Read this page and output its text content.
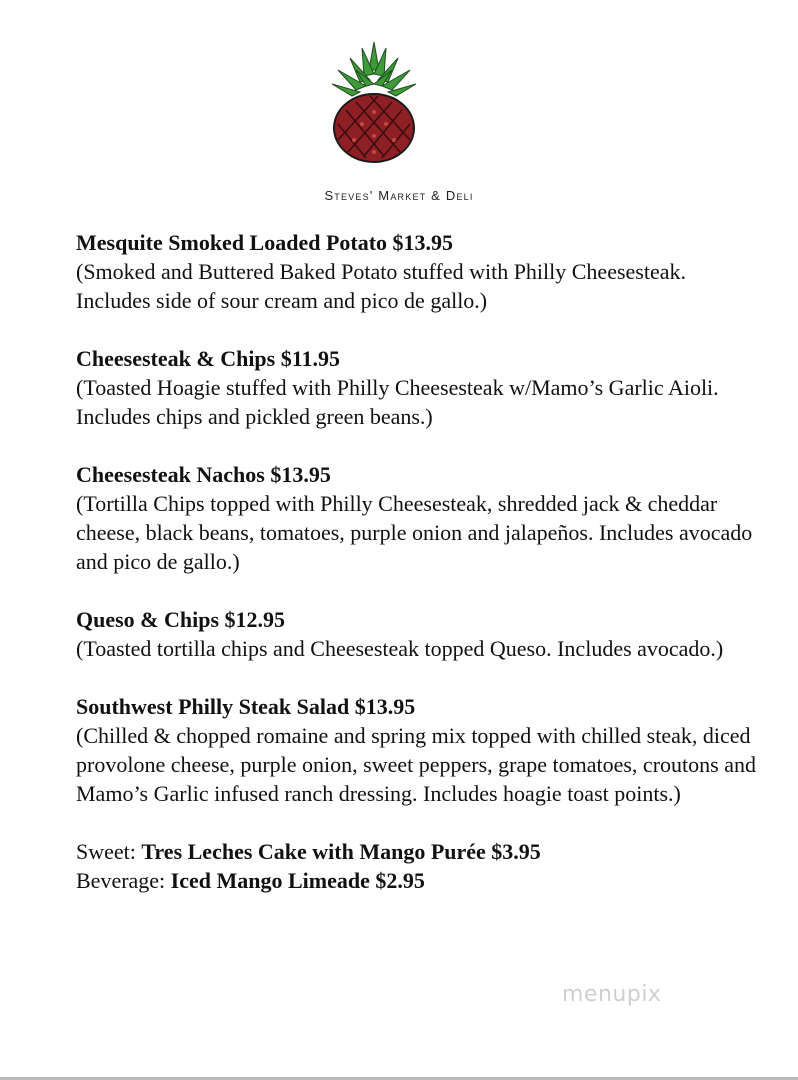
Steves' Market & Deli
Mesquite Smoked Loaded Potato $13.95
(Smoked and Buttered Baked Potato stuffed with Philly Cheesesteak. Includes side of sour cream and pico de gallo.)
Cheesesteak & Chips $11.95
(Toasted Hoagie stuffed with Philly Cheesesteak w/Mamo’s Garlic Aioli. Includes chips and pickled green beans.)
Cheesesteak Nachos $13.95
(Tortilla Chips topped with Philly Cheesesteak, shredded jack & cheddar cheese, black beans, tomatoes, purple onion and jalapeños. Includes avocado and pico de gallo.)
Queso & Chips $12.95
(Toasted tortilla chips and Cheesesteak topped Queso. Includes avocado.)
Southwest Philly Steak Salad $13.95
(Chilled & chopped romaine and spring mix topped with chilled steak, diced provolone cheese, purple onion, sweet peppers, grape tomatoes, croutons and Mamo’s Garlic infused ranch dressing. Includes hoagie toast points.)
Sweet: Tres Leches Cake with Mango Purée $3.95
Beverage: Iced Mango Limeade $2.95
menupix
